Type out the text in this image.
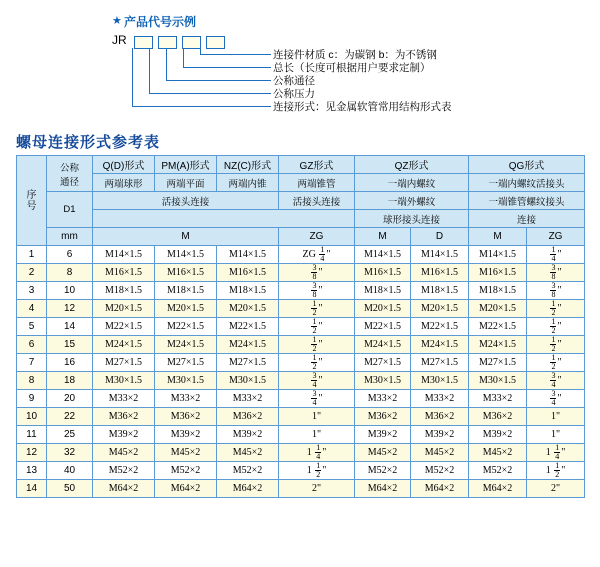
★ 产品代号示例
JR
连接件材质 c：为碳钢 b：为不锈钢
总长（长度可根据用户要求定制）
公称通径
公称压力
连接形式：见金属软管常用结构形式表
螺母连接形式参考表
序
号	公称
通径	Q(D)形式	PM(A)形式	NZ(C)形式	GZ形式	QZ形式		QG形式	
		两端球形	两端平面	两端内锥	两端锥管	一端内螺纹		一端内螺纹活接头	
	D1	活接头连接			活接头连接	一端外螺纹		一端锥管螺纹接头	
						球形接头连接		连接	
	mm	M			ZG	M	D	M	ZG
1	6	M14×1.5	M14×1.5	M14×1.5	ZG $\frac{1}{4}$ "	M14×1.5	M14×1.5	M14×1.5	$\frac{1}{4}$ "
2	8	M16×1.5	M16×1.5	M16×1.5	$\frac{3}{8}$ "	M16×1.5	M16×1.5	M16×1.5	$\frac{3}{8}$ "
3	10	M18×1.5	M18×1.5	M18×1.5	$\frac{3}{8}$ "	M18×1.5	M18×1.5	M18×1.5	$\frac{3}{8}$ "
4	12	M20×1.5	M20×1.5	M20×1.5	$\frac{1}{2}$ "	M20×1.5	M20×1.5	M20×1.5	$\frac{1}{2}$ "
5	14	M22×1.5	M22×1.5	M22×1.5	$\frac{1}{2}$ "	M22×1.5	M22×1.5	M22×1.5	$\frac{1}{2}$ "
6	15	M24×1.5	M24×1.5	M24×1.5	$\frac{1}{2}$ "	M24×1.5	M24×1.5	M24×1.5	$\frac{1}{2}$ "
7	16	M27×1.5	M27×1.5	M27×1.5	$\frac{1}{2}$ "	M27×1.5	M27×1.5	M27×1.5	$\frac{1}{2}$ "
8	18	M30×1.5	M30×1.5	M30×1.5	$\frac{3}{4}$ "	M30×1.5	M30×1.5	M30×1.5	$\frac{3}{4}$ "
9	20	M33×2	M33×2	M33×2	$\frac{3}{4}$ "	M33×2	M33×2	M33×2	$\frac{3}{4}$ "
10	22	M36×2	M36×2	M36×2	1"	M36×2	M36×2	M36×2	1"
11	25	M39×2	M39×2	M39×2	1"	M39×2	M39×2	M39×2	1"
12	32	M45×2	M45×2	M45×2	$1 \frac{1}{4}$ "	M45×2	M45×2	M45×2	$1 \frac{1}{4}$ "
13	40	M52×2	M52×2	M52×2	$1 \frac{1}{2}$ "	M52×2	M52×2	M52×2	$1 \frac{1}{2}$ "
14	50	M64×2	M64×2	M64×2	2"	M64×2	M64×2	M64×2	2"
